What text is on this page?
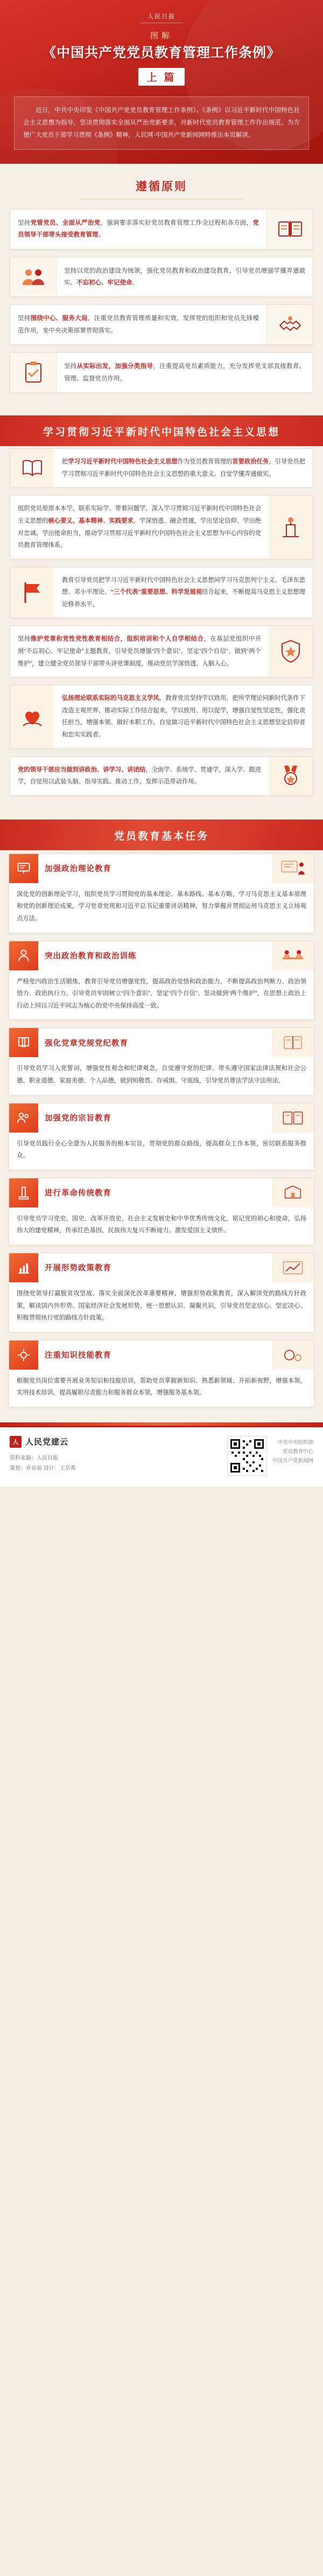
人民日报
图解
《中国共产党党员教育管理工作条例》
上 篇

近日，中共中央印发《中国共产党党员教育管理工作条例》。《条例》以习近平新时代中国特色社会主义思想为指导，坚决贯彻落实全面从严治党新要求，对新时代党员教育管理工作作出规范。为方便广大党员干部学习贯彻《条例》精神，人民网·中国共产党新闻网特推出本页解读。

遵循原则

坚持党管党员、全面从严治党，强调要求落实好党员教育管理工作全过程和各方面，党员领导干部带头接受教育管理。

坚持以党的政治建设为统领，强化党员教育和政治建设教育，引导党员增强学懂弄通做实、不忘初心、牢记使命。

坚持围绕中心、服务大局，注重党员教育管理质量和实效，发挥党的组织和党员先锋模范作用，变中央决策部署贯彻落实。

坚持从实际出发，加强分类指导，注重提高党员素质能力，充分发挥党支部直接教育、管理、监督党员作用。

学习贯彻习近平新时代中国特色社会主义思想

把学习习近平新时代中国特色社会主义思想作为党员教育管理的首要政治任务，引导党员把学习贯彻习近平新时代中国特色社会主义思想的重大意义、自觉学懂弄通做实。

组织党员原原本本学、联系实际学、带着问题学，深入学习贯彻习近平新时代中国特色社会主义思想的核心要义、基本精神、实践要求，学深悟透、融会贯通，学出坚定信仰、学出绝对忠诚、学出使命担当，推动学习贯彻习近平新时代中国特色社会主义思想为中心内容的党员教育管理体系。

教育引导党员把学习习近平新时代中国特色社会主义思想同学习马克思列宁主义、毛泽东思想、邓小平理论、“三个代表”重要思想、科学发展观结合起来，不断提高马克思主义思想理论修养水平。

坚持维护党章和党性党性教育相结合，组织培训和个人自学相结合，在基层党组织中开展“不忘初心、牢记使命”主题教育，引导党员增强“四个意识”、坚定“四个自信”、做到“两个维护”，建立健全党员领导干部带头讲党课制度，推动党员学深悟透、入脑入心。

弘扬理论联系实际的马克思主义学风，教育党员坚持学以致用、把所学理论同新时代条件下改造主观世界、推动实际工作结合起来，学以致用、用以促学，增强自觉性坚定性，强化责任担当，增强本领、做好本职工作，自觉做习近平新时代中国特色社会主义思想坚定信仰者和忠实实践者。

党的领导干部应当做到讲政治、讲学习、讲团结，全面学、系统学、贯通学，深入学、跟进学，自觉用以武装头脑、指导实践、推动工作，发挥示范带动作用。

党员教育基本任务
加强政治理论教育

深化党的创新理论学习，组织党员学习贯彻党的基本理论、基本路线、基本方略，学习马克思主义基本原理和党的创新理论成果，学习党章党规和习近平总书记重要讲话精神，努力掌握并贯彻运用马克思主义立场观点方法。

突出政治教育和政治训练

严格党内政治生活锻炼，教育引导党员增强党性，提高政治觉悟和政治能力，不断提高政治判断力、政治领悟力、政治执行力。引导党员牢固树立“四个意识”、坚定“四个自信”、坚决做到“两个维护”，在思想上政治上行动上同以习近平同志为核心的党中央保持高度一致。

强化党章党规党纪教育

引导党员学习入党誓词，增强党性观念和纪律观念，自觉遵守党的纪律、带头遵守国家法律法规和社会公德、职业道德、家庭美德、个人品德，做到知敬畏、存戒惧、守底线，引导党员尊法学法守法用法。

加强党的宗旨教育

引导党员践行全心全意为人民服务的根本宗旨，贯彻党的群众路线，提高群众工作本领，密切联系服务群众。

进行革命传统教育

引导党员学习党史、国史、改革开放史、社会主义发展史和中华优秀传统文化，铭记党的初心和使命，弘扬伟大的建党精神，传承红色基因，民族伟大复兴不断接力。激发爱国主义情怀。

开展形势政策教育

围绕党领导打赢脱贫攻坚战、落实全面深化改革重要精神，增强形势政策教育，深入解读党的路线方针政策，解读国内外形势、国家经济社会发展形势，统一思想认识、凝聚共识，引导党员坚定信心、坚定决心、积极贯彻执行党的路线方针政策。

注重知识技能教育

根据党员岗位需要开展业务知识和技能培训，帮助党员掌握新知识、熟悉新领域、开拓新视野，增强本领，实用技术培训，提高履职尽责能力和服务群众本领，增强服务基本领。

人 人民党建云
资料来源：人民日报
策划：乔业琼 设计：王岳希
中共中央组织部
党员教育中心
中国共产党新闻网
